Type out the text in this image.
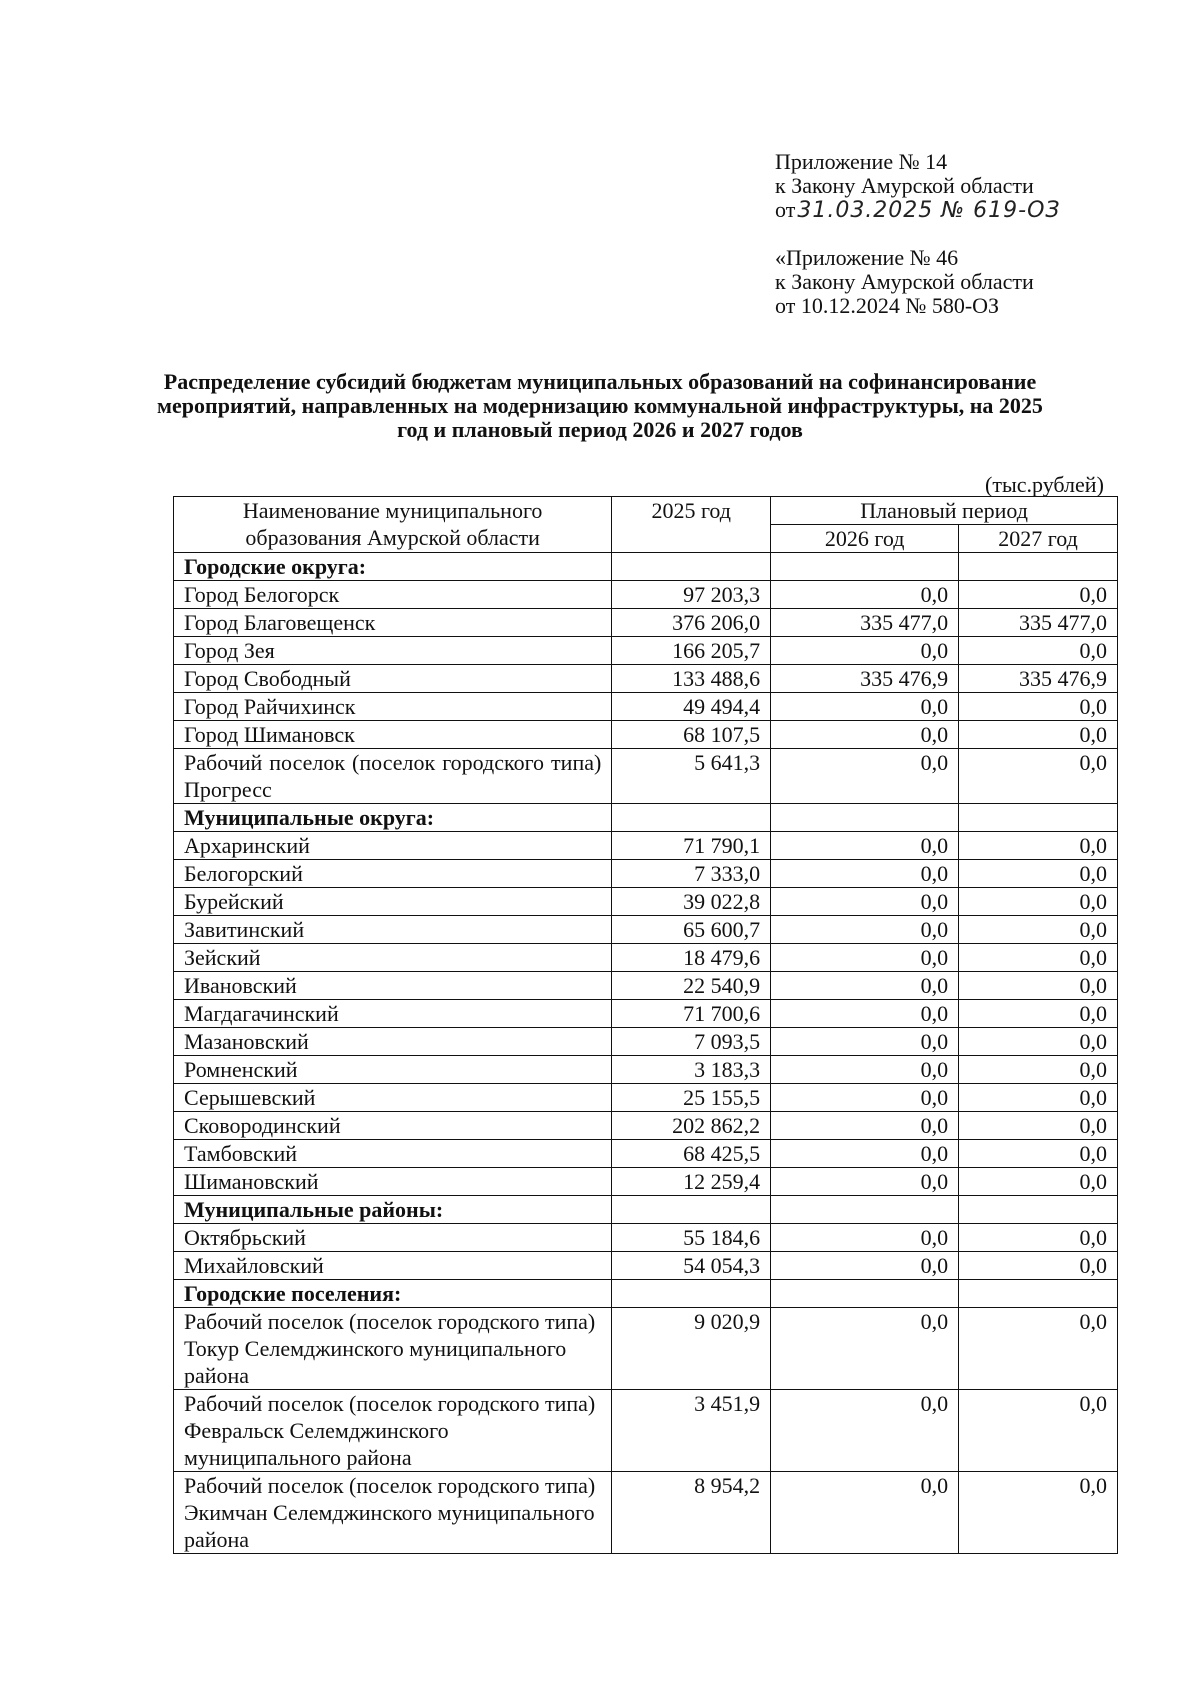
Приложение № 14
к Закону Амурской области
от31.03.2025 № 619-ОЗ
«Приложение № 46
к Закону Амурской области
от 10.12.2024 № 580-ОЗ
Распределение субсидий бюджетам муниципальных образований на софинансирование мероприятий, направленных на модернизацию коммунальной инфраструктуры, на 2025 год и плановый период 2026 и 2027 годов
(тыс.рублей)
Наименование муниципального образования Амурской области	2025 год	Плановый период	
		2026 год	2027 год
Городские округа:			
Город Белогорск	97 203,3	0,0	0,0
Город Благовещенск	376 206,0	335 477,0	335 477,0
Город Зея	166 205,7	0,0	0,0
Город Свободный	133 488,6	335 476,9	335 476,9
Город Райчихинск	49 494,4	0,0	0,0
Город Шимановск	68 107,5	0,0	0,0
Рабочий поселок (поселок городского типа) Прогресс	5 641,3	0,0	0,0
Муниципальные округа:			
Архаринский	71 790,1	0,0	0,0
Белогорский	7 333,0	0,0	0,0
Бурейский	39 022,8	0,0	0,0
Завитинский	65 600,7	0,0	0,0
Зейский	18 479,6	0,0	0,0
Ивановский	22 540,9	0,0	0,0
Магдагачинский	71 700,6	0,0	0,0
Мазановский	7 093,5	0,0	0,0
Ромненский	3 183,3	0,0	0,0
Серышевский	25 155,5	0,0	0,0
Сковородинский	202 862,2	0,0	0,0
Тамбовский	68 425,5	0,0	0,0
Шимановский	12 259,4	0,0	0,0
Муниципальные районы:			
Октябрьский	55 184,6	0,0	0,0
Михайловский	54 054,3	0,0	0,0
Городские поселения:			
Рабочий поселок (поселок городского типа) Токур Селемджинского муниципального района	9 020,9	0,0	0,0
Рабочий поселок (поселок городского типа) Февральск Селемджинского муниципального района	3 451,9	0,0	0,0
Рабочий поселок (поселок городского типа) Экимчан Селемджинского муниципального района	8 954,2	0,0	0,0
